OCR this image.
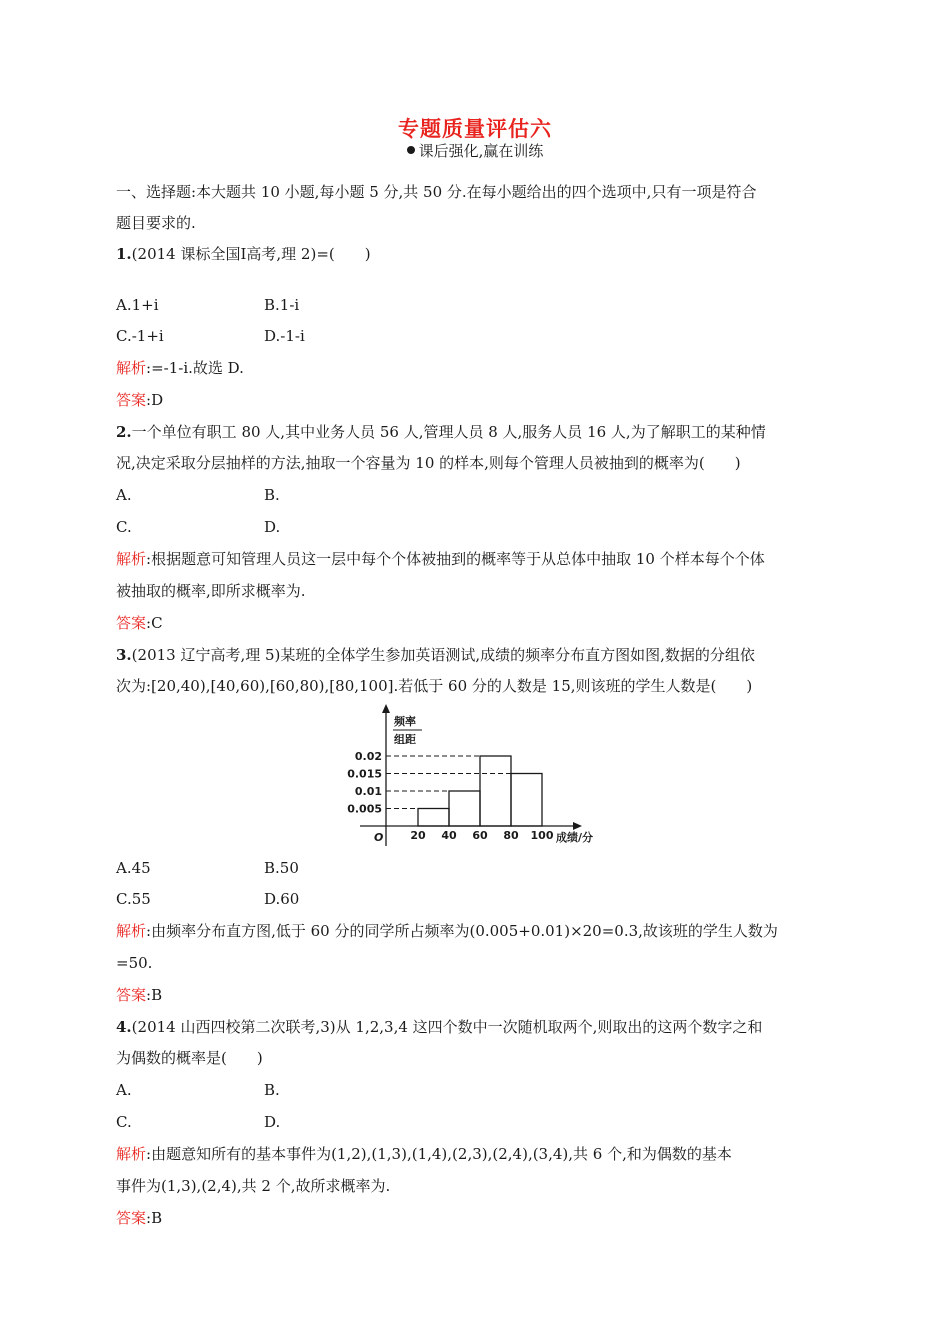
专题质量评估六
课后强化,赢在训练
一、选择题:本大题共 10 小题,每小题 5 分,共 50 分.在每小题给出的四个选项中,只有一项是符合
题目要求的.
1.(2014 课标全国Ⅰ高考,理 2)=(　　)
A.1+i	B.1-i
C.-1+i	D.-1-i
解析:=-1-i.故选 D.
答案:D
2.一个单位有职工 80 人,其中业务人员 56 人,管理人员 8 人,服务人员 16 人,为了解职工的某种情
况,决定采取分层抽样的方法,抽取一个容量为 10 的样本,则每个管理人员被抽到的概率为(　　)
A.	B.
C.	D.
解析:根据题意可知管理人员这一层中每个个体被抽到的概率等于从总体中抽取 10 个样本每个个体
被抽取的概率,即所求概率为.
答案:C
3.(2013 辽宁高考,理 5)某班的全体学生参加英语测试,成绩的频率分布直方图如图,数据的分组依
次为:[20,40),[40,60),[60,80),[80,100].若低于 60 分的人数是 15,则该班的学生人数是(　　)
频率
组距
O	成绩/分
0.005
0.01
0.015
0.02
20 40 60 80 100
A.45	B.50
C.55	D.60
解析:由频率分布直方图,低于 60 分的同学所占频率为(0.005+0.01)×20=0.3,故该班的学生人数为
=50.
答案:B
4.(2014 山西四校第二次联考,3)从 1,2,3,4 这四个数中一次随机取两个,则取出的这两个数字之和
为偶数的概率是(　　)
A.	B.
C.	D.
解析:由题意知所有的基本事件为(1,2),(1,3),(1,4),(2,3),(2,4),(3,4),共 6 个,和为偶数的基本
事件为(1,3),(2,4),共 2 个,故所求概率为.
答案:B
